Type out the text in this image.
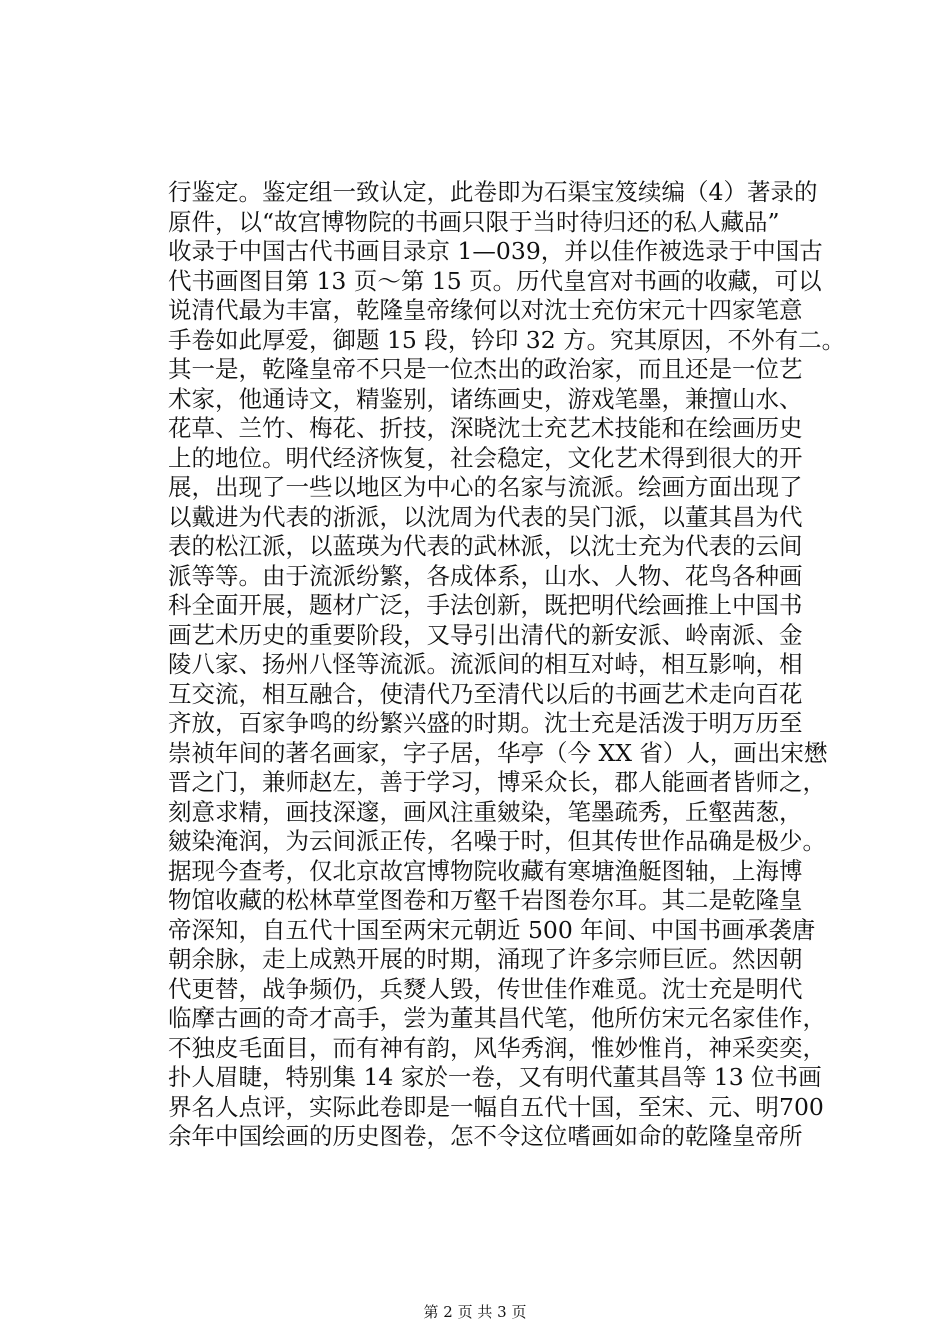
行鉴定。鉴定组一致认定，此卷即为石渠宝笈续编（4）著录的
原件，以“故宫博物院的书画只限于当时待归还的私人藏品”
收录于中国古代书画目录京 1—039，并以佳作被选录于中国古
代书画图目第 13 页～第 15 页。历代皇宫对书画的收藏，可以
说清代最为丰富，乾隆皇帝缘何以对沈士充仿宋元十四家笔意
手卷如此厚爱，御题 15 段，钤印 32 方。究其原因，不外有二。
其一是，乾隆皇帝不只是一位杰出的政治家，而且还是一位艺
术家，他通诗文，精鉴别，诸练画史，游戏笔墨，兼擅山水、
花草、兰竹、梅花、折技，深晓沈士充艺术技能和在绘画历史
上的地位。明代经济恢复，社会稳定，文化艺术得到很大的开
展，出现了一些以地区为中心的名家与流派。绘画方面出现了
以戴进为代表的浙派，以沈周为代表的吴门派，以董其昌为代
表的松江派，以蓝瑛为代表的武林派，以沈士充为代表的云间
派等等。由于流派纷繁，各成体系，山水、人物、花鸟各种画
科全面开展，题材广泛，手法创新，既把明代绘画推上中国书
画艺术历史的重要阶段，又导引出清代的新安派、岭南派、金
陵八家、扬州八怪等流派。流派间的相互对峙，相互影响，相
互交流，相互融合，使清代乃至清代以后的书画艺术走向百花
齐放，百家争鸣的纷繁兴盛的时期。沈士充是活泼于明万历至
崇祯年间的著名画家，字子居，华亭（今 XX 省）人，画出宋懋
晋之门，兼师赵左，善于学习，博采众长，郡人能画者皆师之，
刻意求精，画技深邃，画风注重皴染，笔墨疏秀，丘壑茜葱，
皴染淹润，为云间派正传，名噪于时，但其传世作品确是极少。
据现今查考，仅北京故宫博物院收藏有寒塘渔艇图轴，上海博
物馆收藏的松林草堂图卷和万壑千岩图卷尔耳。其二是乾隆皇
帝深知，自五代十国至两宋元朝近 500 年间、中国书画承袭唐
朝余脉，走上成熟开展的时期，涌现了许多宗师巨匠。然因朝
代更替，战争频仍，兵燹人毁，传世佳作难觅。沈士充是明代
临摩古画的奇才高手，尝为董其昌代笔，他所仿宋元名家佳作，
不独皮毛面目，而有神有韵，风华秀润，惟妙惟肖，神采奕奕，
扑人眉睫，特别集 14 家於一卷，又有明代董其昌等 13 位书画
界名人点评，实际此卷即是一幅自五代十国，至宋、元、明700
余年中国绘画的历史图卷，怎不令这位嗜画如命的乾隆皇帝所
第 2 页 共 3 页
